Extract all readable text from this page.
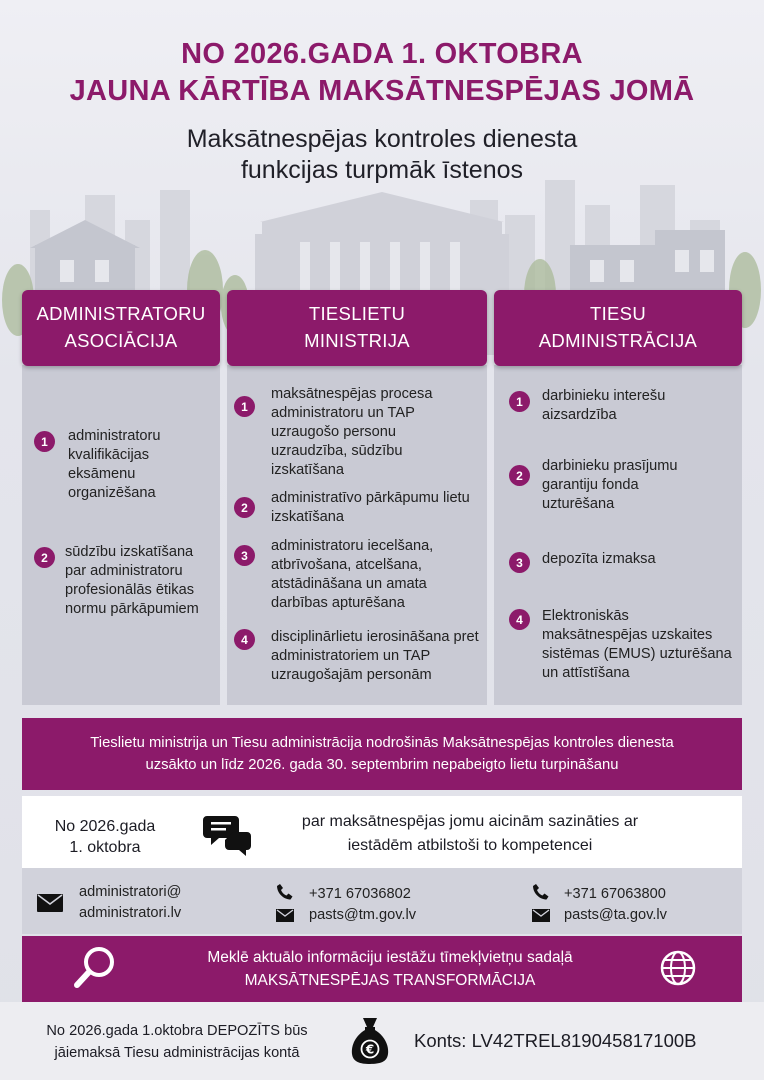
NO 2026.GADA 1. OKTOBRA
JAUNA KĀRTĪBA MAKSĀTNESPĒJAS JOMĀ
Maksātnespējas kontroles dienesta
funkcijas turpmāk īstenos
ADMINISTRATORU
ASOCIĀCIJA
TIESLIETU
MINISTRIJA
TIESU
ADMINISTRĀCIJA
1	administratoru kvalifikācijas eksāmenu organizēšana
2	sūdzību izskatīšana par administratoru profesionālās ētikas normu pārkāpumiem
1
maksātnespējas procesa administratoru un TAP uzraugošo personu uzraudzība, sūdzību izskatīšana
2
administratīvo pārkāpumu lietu izskatīšana
3
administratoru iecelšana, atbrīvošana, atcelšana, atstādināšana un amata darbības apturēšana
4	disciplinārlietu ierosināšana pret administratoriem un TAP uzraugošajām personām
1	darbinieku interešu aizsardzība
2
darbinieku prasījumu garantiju fonda uzturēšana
3	depozīta izmaksa
4	Elektroniskās maksātnespējas uzskaites sistēmas (EMUS) uzturēšana un attīstīšana
Tieslietu ministrija un Tiesu administrācija nodrošinās Maksātnespējas kontroles dienesta
uzsākto un līdz 2026. gada 30. septembrim nepabeigto lietu turpināšanu
No 2026.gada
1. oktobra
par maksātnespējas jomu aicinām sazināties ar
iestādēm atbilstoši to kompetencei
administratori@
administratori.lv
+371 67036802
pasts@tm.gov.lv
+371 67063800
pasts@ta.gov.lv
Meklē aktuālo informāciju iestāžu tīmekļvietņu sadaļā
MAKSĀTNESPĒJAS TRANSFORMĀCIJA
No 2026.gada 1.oktobra DEPOZĪTS būs
jāiemaksā Tiesu administrācijas kontā	€ Konts: LV42TREL819045817100B
